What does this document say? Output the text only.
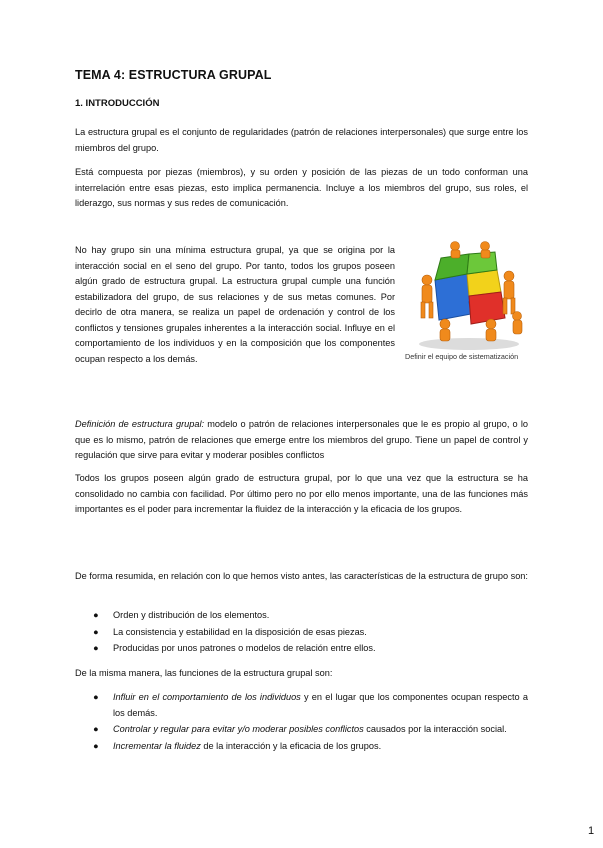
TEMA 4: ESTRUCTURA GRUPAL
1. INTRODUCCIÓN

La estructura grupal es el conjunto de regularidades (patrón de relaciones interpersonales) que surge entre los miembros del grupo.

Está compuesta por piezas (miembros), y su orden y posición de las piezas de un todo conforman una interrelación entre esas piezas, esto implica permanencia. Incluye a los miembros del grupo, sus roles, el liderazgo, sus normas y sus redes de comunicación.

No hay grupo sin una mínima estructura grupal, ya que se origina por la interacción social en el seno del grupo. Por tanto, todos los grupos poseen algún grado de estructura grupal. La estructura grupal cumple una función estabilizadora del grupo, de sus relaciones y de sus metas comunes. Por decirlo de otra manera, se realiza un papel de ordenación y control de los conflictos y tensiones grupales inherentes a la interacción social. Influye en el comportamiento de los individuos y en la composición que los componentes ocupan respecto a los demás.	Definir el equipo de sistematización

Definición de estructura grupal: modelo o patrón de relaciones interpersonales que le es propio al grupo, o lo que es lo mismo, patrón de relaciones que emerge entre los miembros del grupo. Tiene un papel de control y regulación que sirve para evitar y moderar posibles conflictos

Todos los grupos poseen algún grado de estructura grupal, por lo que una vez que la estructura se ha consolidado no cambia con facilidad. Por último pero no por ello menos importante, una de las funciones más importantes es el poder para incrementar la fluidez de la interacción y la eficacia de los grupos.

De forma resumida, en relación con lo que hemos visto antes, las características de la estructura de grupo son:

● Orden y distribución de los elementos.
● La consistencia y estabilidad en la disposición de esas piezas.
● Producidas por unos patrones o modelos de relación entre ellos.

De la misma manera, las funciones de la estructura grupal son:

● Influir en el comportamiento de los individuos y en el lugar que los componentes ocupan respecto a los demás.
● Controlar y regular para evitar y/o moderar posibles conflictos causados por la interacción social.
● Incrementar la fluidez de la interacción y la eficacia de los grupos.
1
